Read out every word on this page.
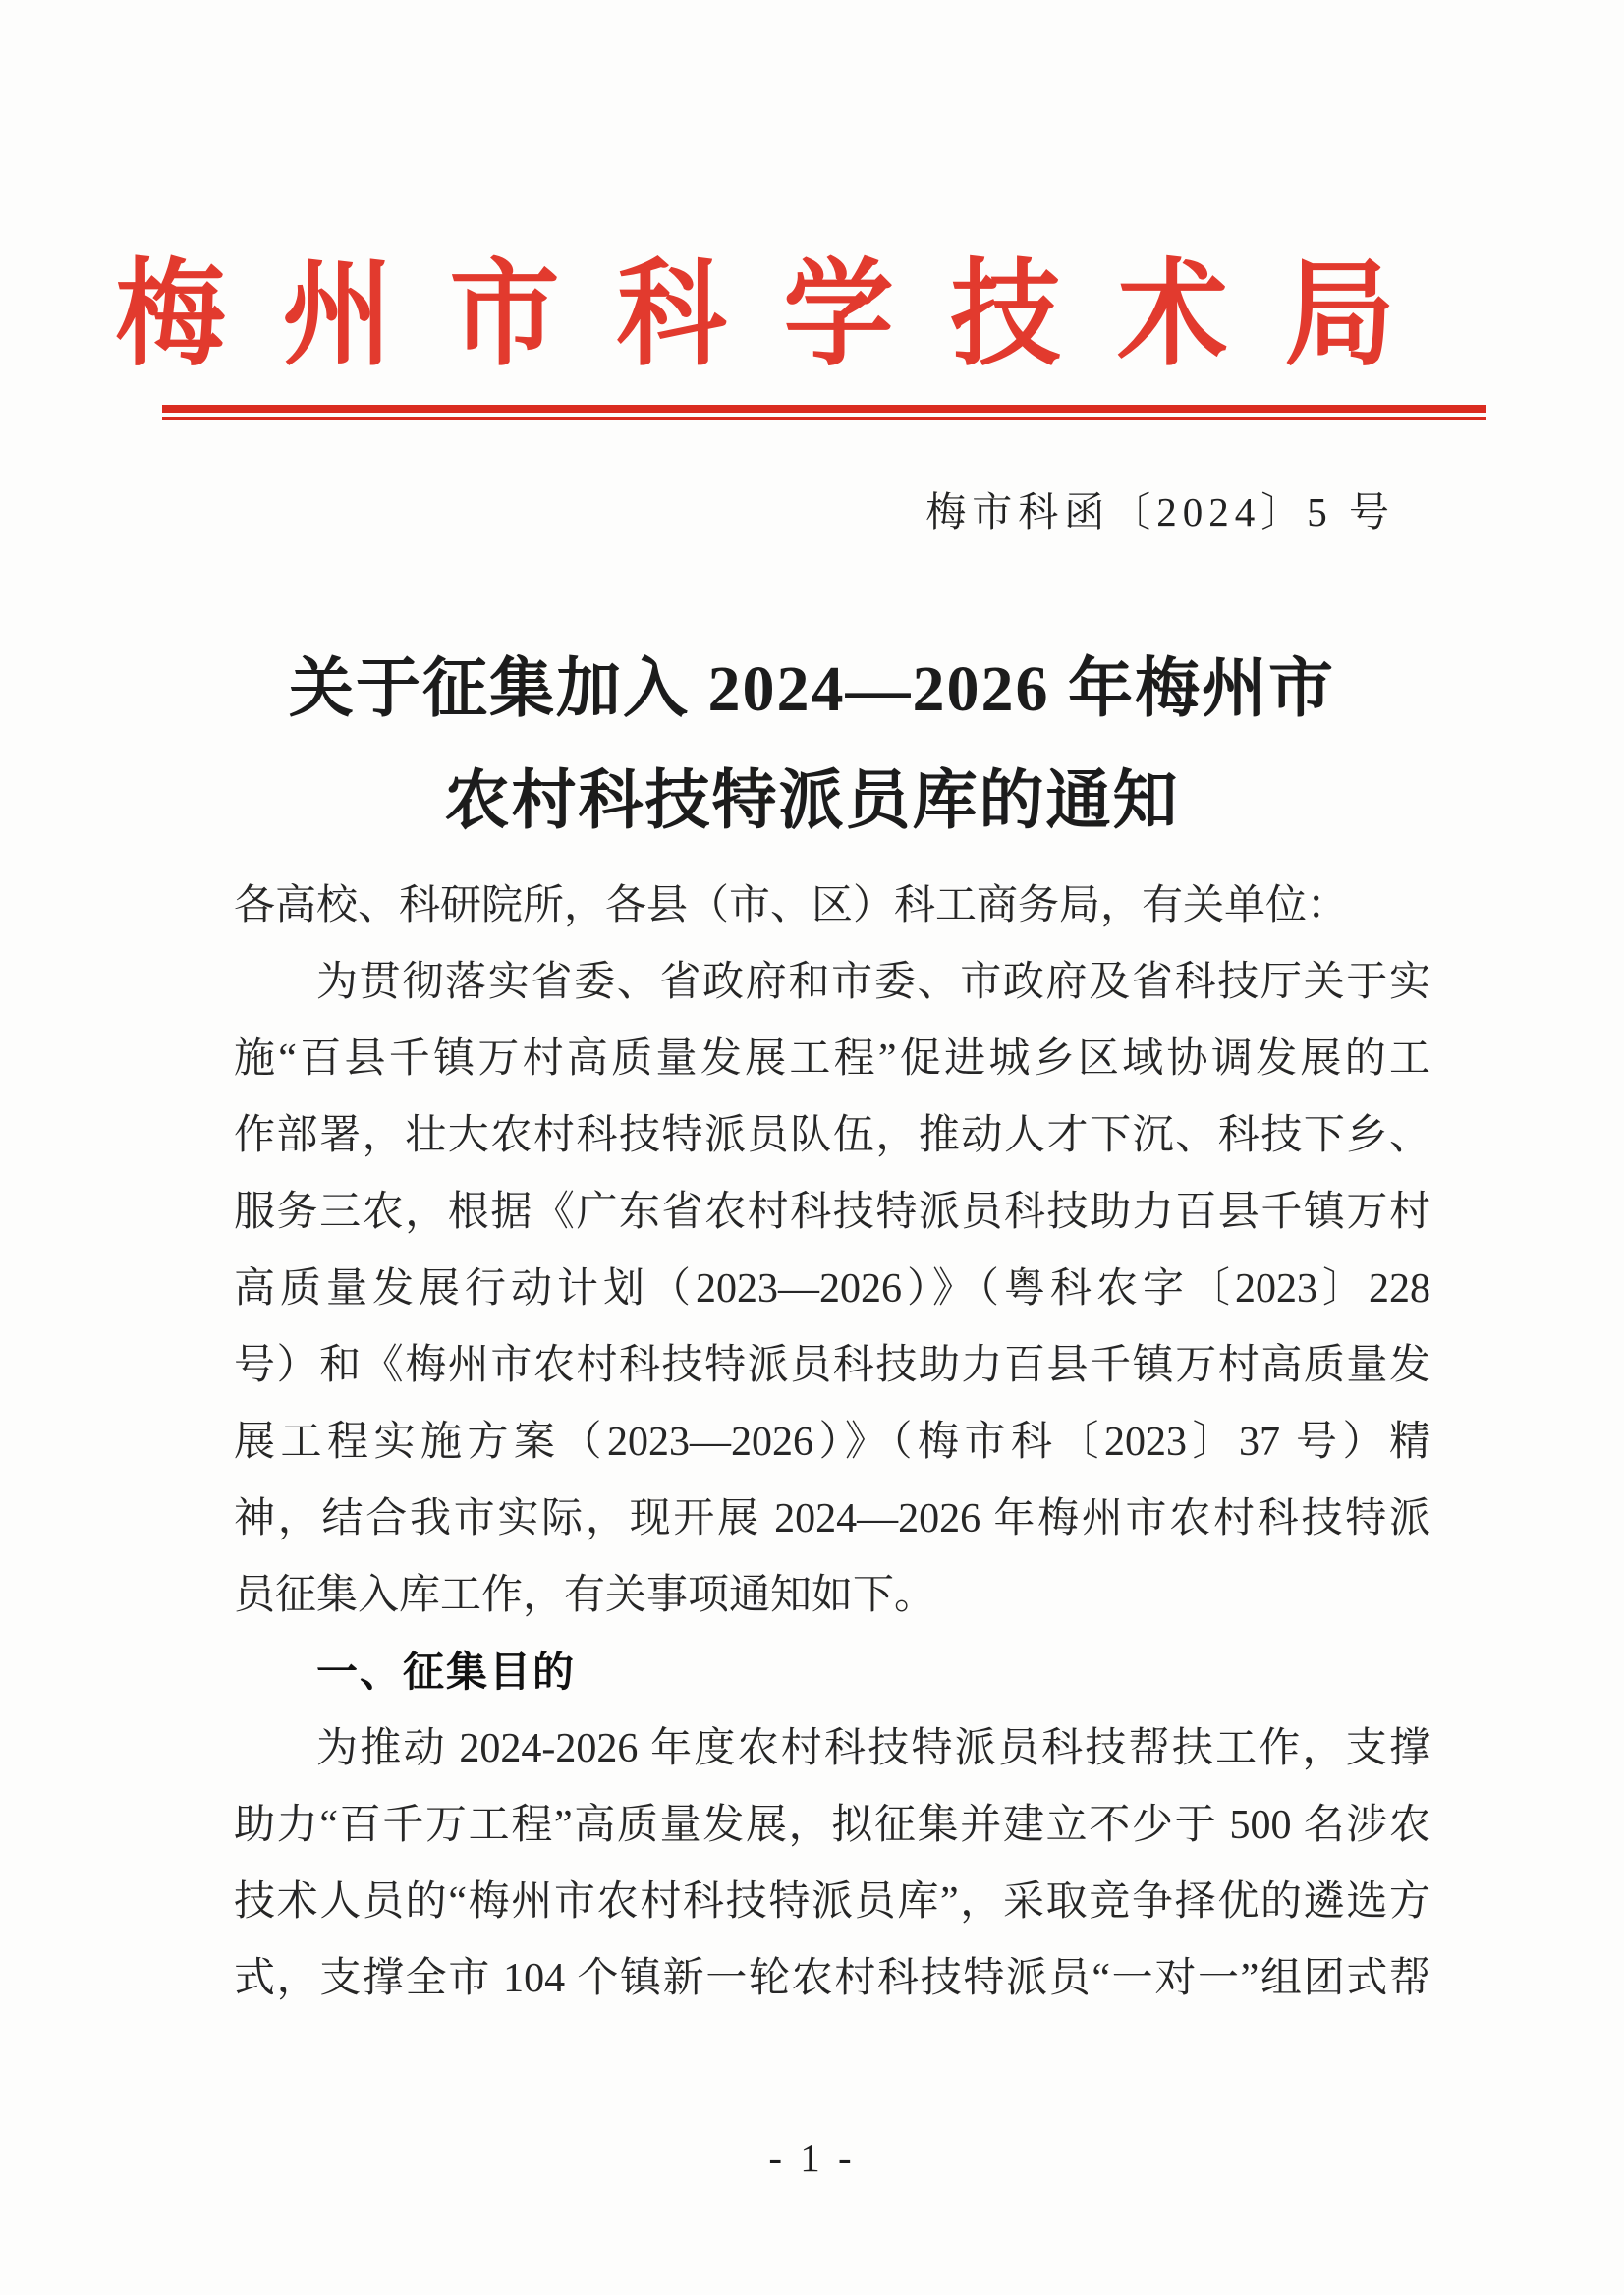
梅州市科学技术局
梅市科函〔2024〕5 号
关于征集加入 2024—2026 年梅州市
农村科技特派员库的通知
各高校、科研院所，各县（市、区）科工商务局，有关单位：
为贯彻落实省委、省政府和市委、市政府及省科技厅关于实
施“百县千镇万村高质量发展工程”促进城乡区域协调发展的工
作部署，壮大农村科技特派员队伍，推动人才下沉、科技下乡、
服务三农，根据《广东省农村科技特派员科技助力百县千镇万村
高质量发展行动计划（2023—2026）》（粤科农字〔2023〕228
号）和《梅州市农村科技特派员科技助力百县千镇万村高质量发
展工程实施方案（2023—2026）》（梅市科〔2023〕37 号）精
神，结合我市实际，现开展 2024—2026 年梅州市农村科技特派
员征集入库工作，有关事项通知如下。
一、征集目的
为推动 2024-2026 年度农村科技特派员科技帮扶工作，支撑
助力“百千万工程”高质量发展，拟征集并建立不少于 500 名涉农
技术人员的“梅州市农村科技特派员库”，采取竞争择优的遴选方
式，支撑全市 104 个镇新一轮农村科技特派员“一对一”组团式帮
- 1 -
